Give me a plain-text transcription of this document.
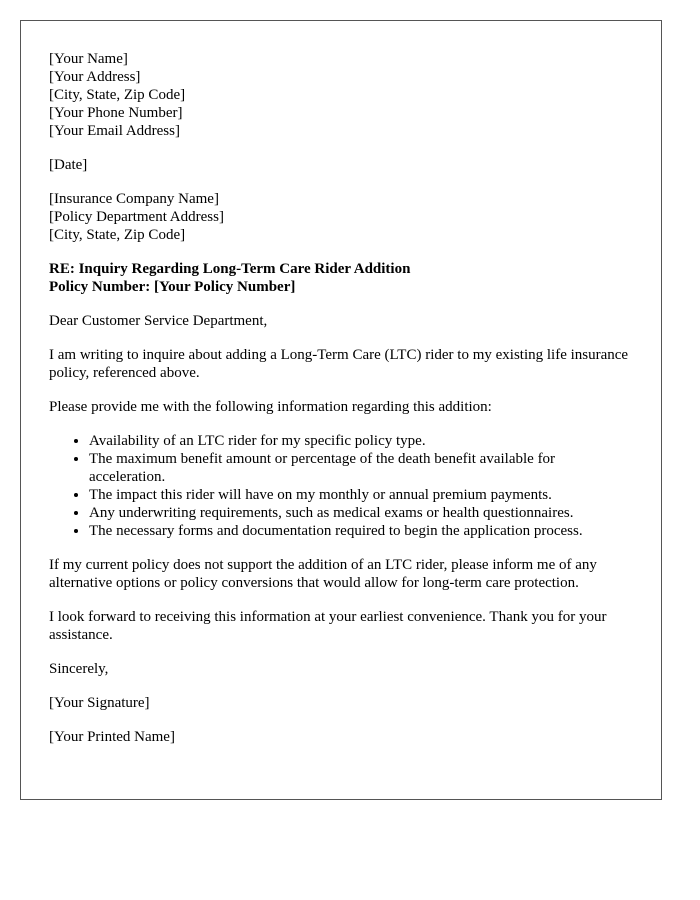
[Your Name]
[Your Address]
[City, State, Zip Code]
[Your Phone Number]
[Your Email Address]
[Date]
[Insurance Company Name]
[Policy Department Address]
[City, State, Zip Code]
RE: Inquiry Regarding Long-Term Care Rider Addition
Policy Number: [Your Policy Number]

Dear Customer Service Department,

I am writing to inquire about adding a Long-Term Care (LTC) rider to my existing life insurance policy, referenced above.

Please provide me with the following information regarding this addition:

• Availability of an LTC rider for my specific policy type.
• The maximum benefit amount or percentage of the death benefit available for acceleration.
• The impact this rider will have on my monthly or annual premium payments.
• Any underwriting requirements, such as medical exams or health questionnaires.
• The necessary forms and documentation required to begin the application process.

If my current policy does not support the addition of an LTC rider, please inform me of any alternative options or policy conversions that would allow for long-term care protection.

I look forward to receiving this information at your earliest convenience. Thank you for your assistance.

Sincerely,

[Your Signature]

[Your Printed Name]
